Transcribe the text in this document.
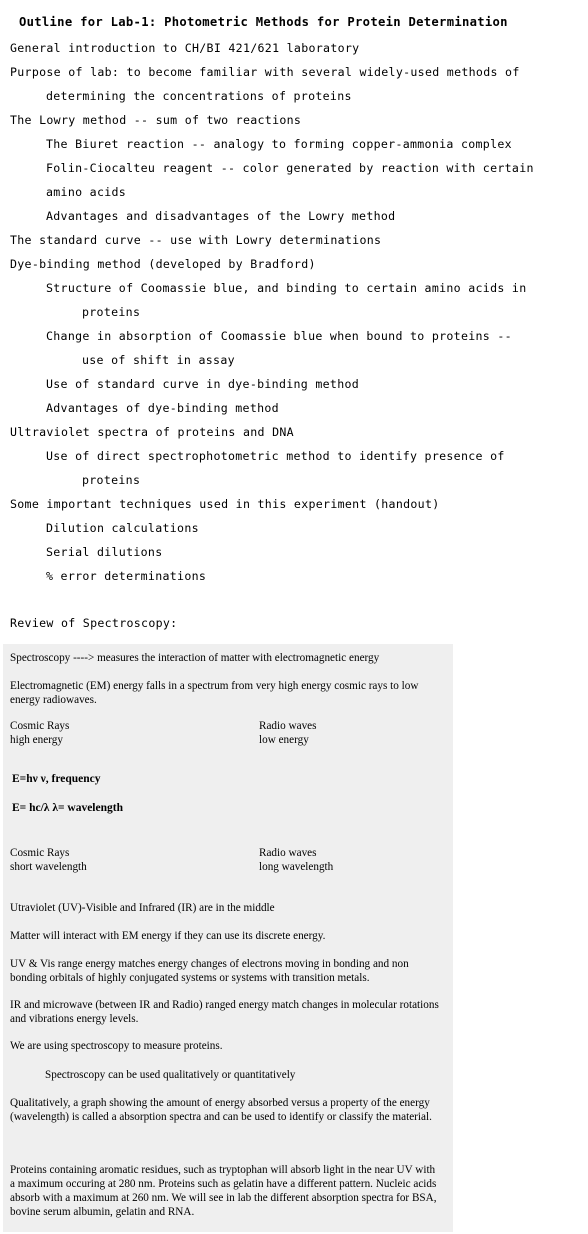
Outline for Lab-1: Photometric Methods for Protein Determination
General introduction to CH/BI 421/621 laboratory
Purpose of lab: to become familiar with several widely-used methods of
determining the concentrations of proteins
The Lowry method -- sum of two reactions
The Biuret reaction -- analogy to forming copper-ammonia complex
Folin-Ciocalteu reagent -- color generated by reaction with certain
amino acids
Advantages and disadvantages of the Lowry method
The standard curve -- use with Lowry determinations
Dye-binding method (developed by Bradford)
Structure of Coomassie blue, and binding to certain amino acids in
proteins
Change in absorption of Coomassie blue when bound to proteins --
use of shift in assay
Use of standard curve in dye-binding method
Advantages of dye-binding method
Ultraviolet spectra of proteins and DNA
Use of direct spectrophotometric method to identify presence of
proteins
Some important techniques used in this experiment (handout)
Dilution calculations
Serial dilutions
% error determinations
Review of Spectroscopy:
Spectroscopy ----> measures the interaction of matter with electromagnetic energy
Electromagnetic (EM) energy falls in a spectrum from very high energy cosmic rays to low energy radiowaves.
Cosmic Rays
high energy
Radio waves
low energy
E=hν ν, frequency
E= hc/λ λ= wavelength
Cosmic Rays
short wavelength
Radio waves
long wavelength
Utraviolet (UV)-Visible and Infrared (IR) are in the middle
Matter will interact with EM energy if they can use its discrete energy.
UV & Vis range energy matches energy changes of electrons moving in bonding and non bonding orbitals of highly conjugated systems or systems with transition metals.
IR and microwave (between IR and Radio) ranged energy match changes in molecular rotations and vibrations energy levels.
We are using spectroscopy to measure proteins.
Spectroscopy can be used qualitatively or quantitatively
Qualitatively, a graph showing the amount of energy absorbed versus a property of the energy (wavelength) is called a absorption spectra and can be used to identify or classify the material.
Proteins containing aromatic residues, such as tryptophan will absorb light in the near UV with a maximum occuring at 280 nm. Proteins such as gelatin have a different pattern. Nucleic acids absorb with a maximum at 260 nm. We will see in lab the different absorption spectra for BSA, bovine serum albumin, gelatin and RNA.
